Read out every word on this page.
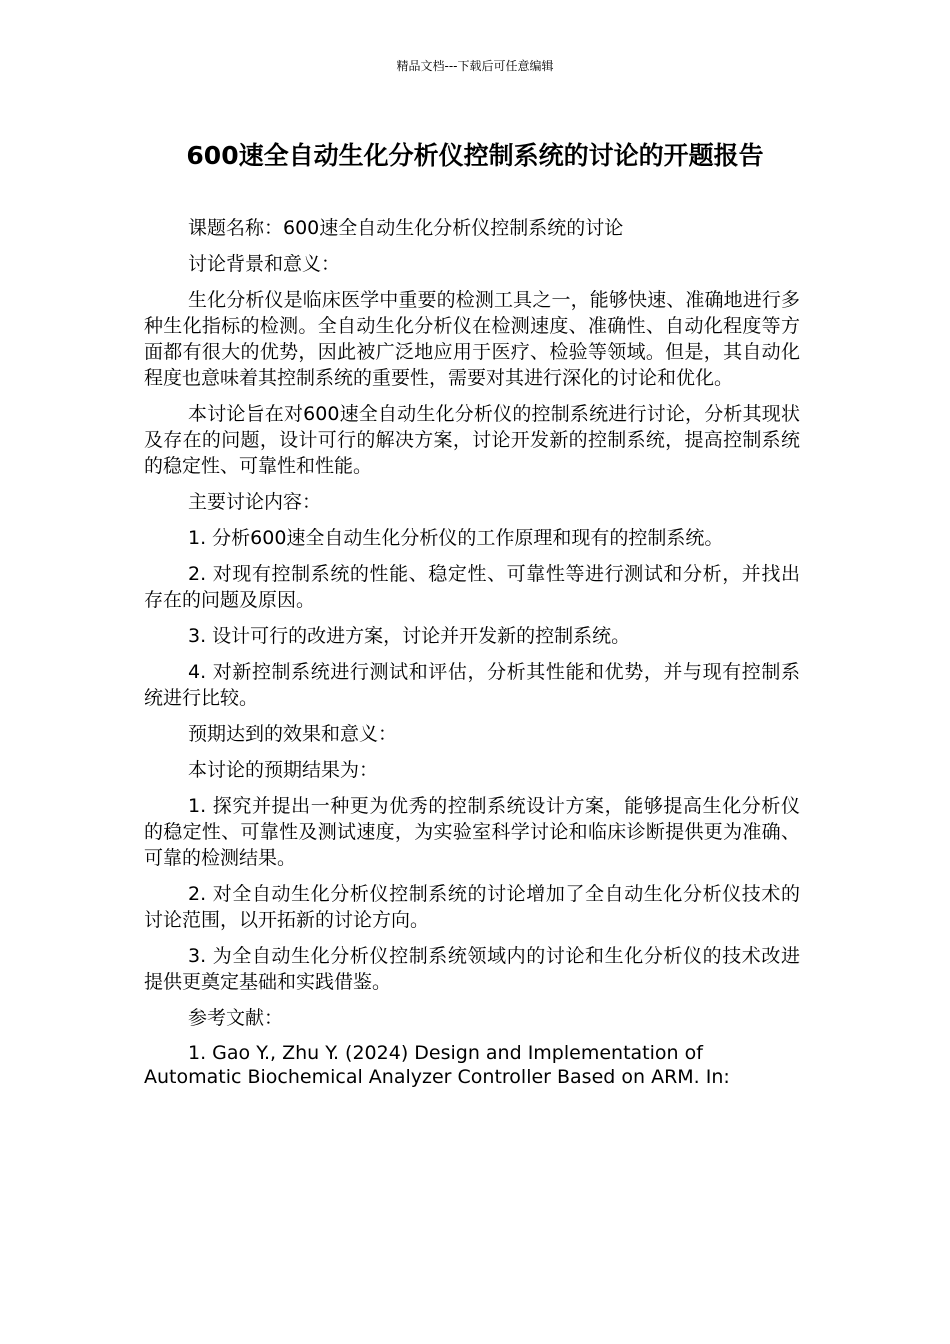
精品文档---下载后可任意编辑
600速全自动生化分析仪控制系统的讨论的开题报告

课题名称：600速全自动生化分析仪控制系统的讨论

讨论背景和意义：

生化分析仪是临床医学中重要的检测工具之一，能够快速、准确地进行多种生化指标的检测。全自动生化分析仪在检测速度、准确性、自动化程度等方面都有很大的优势，因此被广泛地应用于医疗、检验等领域。但是，其自动化程度也意味着其控制系统的重要性，需要对其进行深化的讨论和优化。

本讨论旨在对600速全自动生化分析仪的控制系统进行讨论，分析其现状及存在的问题，设计可行的解决方案，讨论开发新的控制系统，提高控制系统的稳定性、可靠性和性能。

主要讨论内容：

1. 分析600速全自动生化分析仪的工作原理和现有的控制系统。

2. 对现有控制系统的性能、稳定性、可靠性等进行测试和分析，并找出存在的问题及原因。

3. 设计可行的改进方案，讨论并开发新的控制系统。

4. 对新控制系统进行测试和评估，分析其性能和优势，并与现有控制系统进行比较。

预期达到的效果和意义：

本讨论的预期结果为：

1. 探究并提出一种更为优秀的控制系统设计方案，能够提高生化分析仪的稳定性、可靠性及测试速度，为实验室科学讨论和临床诊断提供更为准确、可靠的检测结果。

2. 对全自动生化分析仪控制系统的讨论增加了全自动生化分析仪技术的讨论范围，以开拓新的讨论方向。

3. 为全自动生化分析仪控制系统领域内的讨论和生化分析仪的技术改进提供更奠定基础和实践借鉴。

参考文献：

1. Gao Y., Zhu Y. (2024) Design and Implementation of Automatic Biochemical Analyzer Controller Based on ARM. In:
